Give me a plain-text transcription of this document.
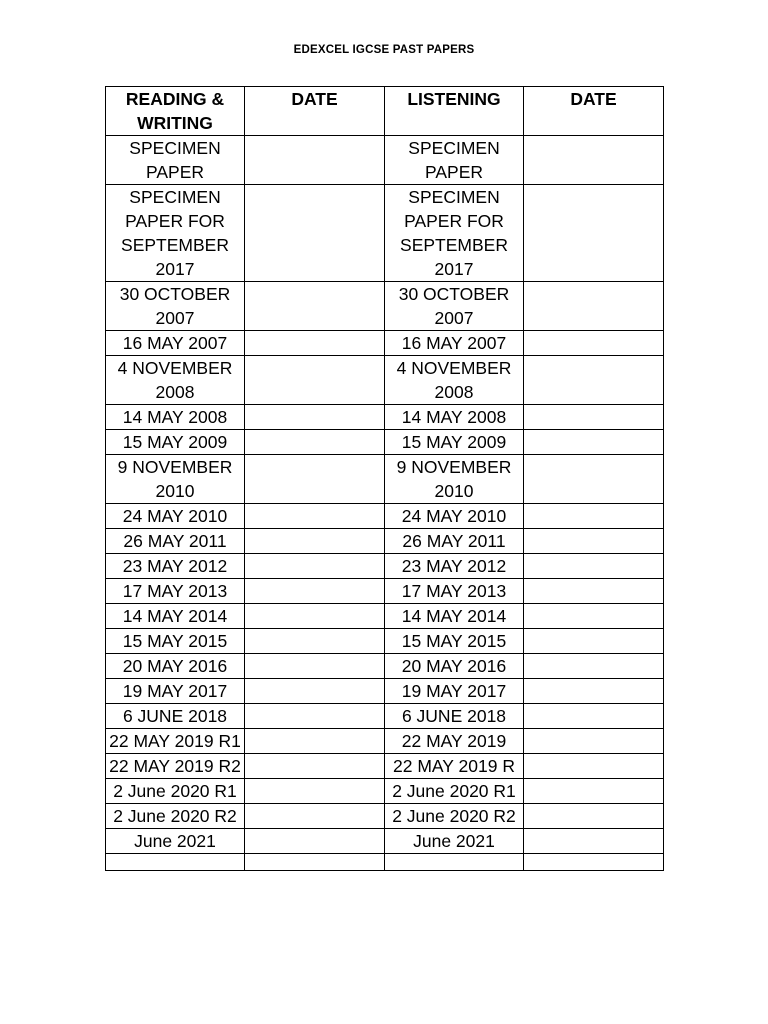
EDEXCEL IGCSE PAST PAPERS
READING & WRITING	DATE	LISTENING	DATE
SPECIMEN PAPER		SPECIMEN PAPER	
SPECIMEN PAPER FOR SEPTEMBER 2017		SPECIMEN PAPER FOR SEPTEMBER 2017	
30 OCTOBER 2007		30 OCTOBER 2007	
16 MAY 2007		16 MAY 2007	
4 NOVEMBER 2008		4 NOVEMBER 2008	
14 MAY 2008		14 MAY 2008	
15 MAY 2009		15 MAY 2009	
9 NOVEMBER 2010		9 NOVEMBER 2010	
24 MAY 2010		24 MAY 2010	
26 MAY 2011		26 MAY 2011	
23 MAY 2012		23 MAY 2012	
17 MAY 2013		17 MAY 2013	
14 MAY 2014		14 MAY 2014	
15 MAY 2015		15 MAY 2015	
20 MAY 2016		20 MAY 2016	
19 MAY 2017		19 MAY 2017	
6 JUNE 2018		6 JUNE 2018	
22 MAY 2019 R1		22 MAY 2019	
22 MAY 2019 R2		22 MAY 2019 R	
2 June 2020 R1		2 June 2020 R1	
2 June 2020 R2		2 June 2020 R2	
June 2021		June 2021	
